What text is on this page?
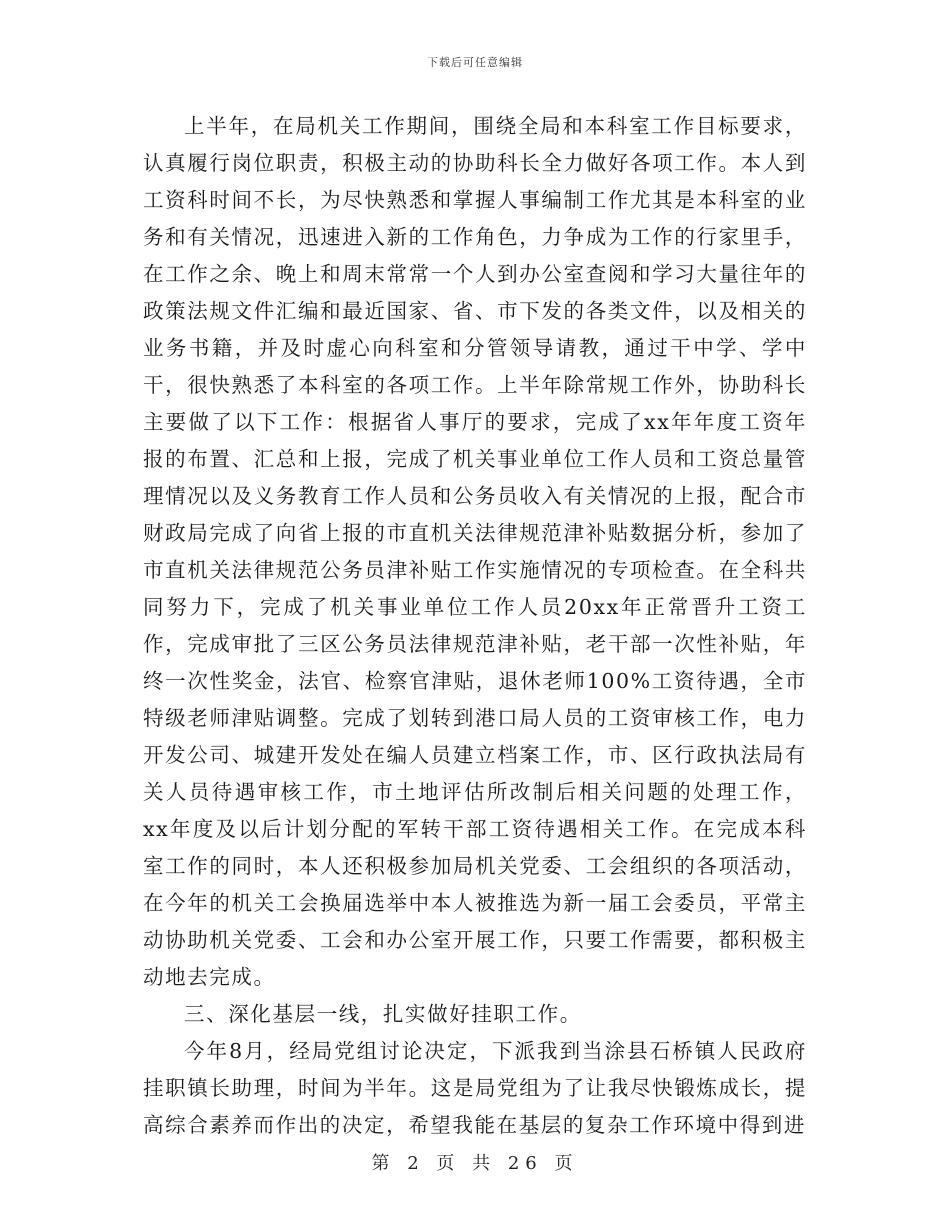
下载后可任意编辑

上半年，在局机关工作期间，围绕全局和本科室工作目标要求，认真履行岗位职责，积极主动的协助科长全力做好各项工作。本人到工资科时间不长，为尽快熟悉和掌握人事编制工作尤其是本科室的业务和有关情况，迅速进入新的工作角色，力争成为工作的行家里手，在工作之余、晚上和周末常常一个人到办公室查阅和学习大量往年的政策法规文件汇编和最近国家、省、市下发的各类文件，以及相关的业务书籍，并及时虚心向科室和分管领导请教，通过干中学、学中干，很快熟悉了本科室的各项工作。上半年除常规工作外，协助科长主要做了以下工作：根据省人事厅的要求，完成了xx年年度工资年报的布置、汇总和上报，完成了机关事业单位工作人员和工资总量管理情况以及义务教育工作人员和公务员收入有关情况的上报，配合市财政局完成了向省上报的市直机关法律规范津补贴数据分析，参加了市直机关法律规范公务员津补贴工作实施情况的专项检查。在全科共同努力下，完成了机关事业单位工作人员20xx年正常晋升工资工作，完成审批了三区公务员法律规范津补贴，老干部一次性补贴，年终一次性奖金，法官、检察官津贴，退休老师100%工资待遇，全市特级老师津贴调整。完成了划转到港口局人员的工资审核工作，电力开发公司、城建开发处在编人员建立档案工作，市、区行政执法局有关人员待遇审核工作，市土地评估所改制后相关问题的处理工作，xx年度及以后计划分配的军转干部工资待遇相关工作。在完成本科室工作的同时，本人还积极参加局机关党委、工会组织的各项活动，在今年的机关工会换届选举中本人被推选为新一届工会委员，平常主动协助机关党委、工会和办公室开展工作，只要工作需要，都积极主动地去完成。

三、深化基层一线，扎实做好挂职工作。

今年8月，经局党组讨论决定，下派我到当涂县石桥镇人民政府挂职镇长助理，时间为半年。这是局党组为了让我尽快锻炼成长，提高综合素养而作出的决定，希望我能在基层的复杂工作环境中得到进

第 2 页 共 26 页
